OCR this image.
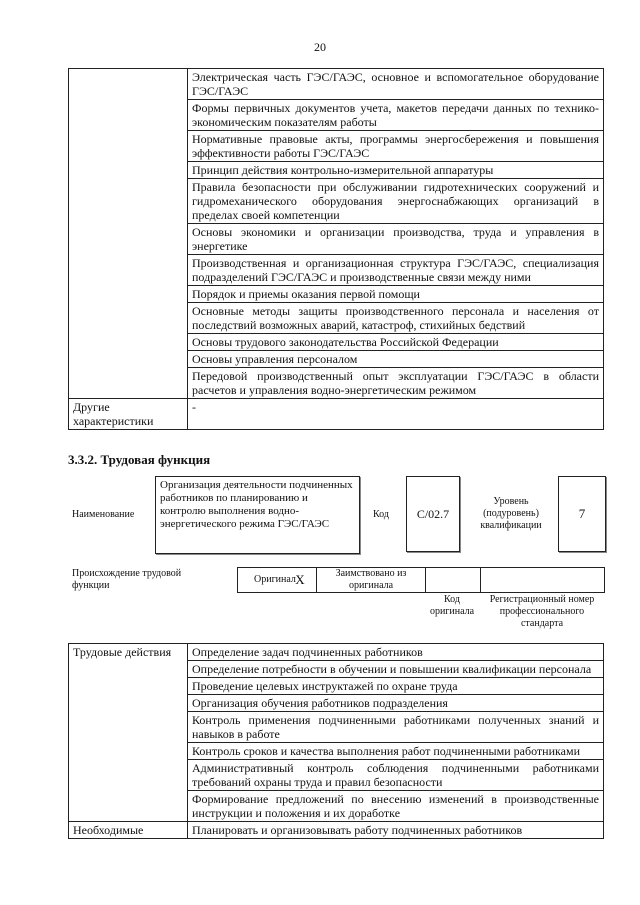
20
	Электрическая часть ГЭС/ГАЭС, основное и вспомогательное оборудование ГЭС/ГАЭС
	Формы первичных документов учета, макетов передачи данных по технико-экономическим показателям работы
	Нормативные правовые акты, программы энергосбережения и повышения эффективности работы ГЭС/ГАЭС
	Принцип действия контрольно-измерительной аппаратуры
	Правила безопасности при обслуживании гидротехнических сооружений и гидромеханического оборудования энергоснабжающих организаций в пределах своей компетенции
	Основы экономики и организации производства, труда и управления в энергетике
	Производственная и организационная структура ГЭС/ГАЭС, специализация подразделений ГЭС/ГАЭС и производственные связи между ними
	Порядок и приемы оказания первой помощи
	Основные методы защиты производственного персонала и населения от последствий возможных аварий, катастроф, стихийных бедствий
	Основы трудового законодательства Российской Федерации
	Основы управления персоналом
	Передовой производственный опыт эксплуатации ГЭС/ГАЭС в области расчетов и управления водно-энергетическим режимом
Другие характеристики	-
3.3.2. Трудовая функция
Наименование
Организация деятельности подчиненных работников по планированию и контролю выполнения водно-энергетического режима ГЭС/ГАЭС
Код	C/02.7
Уровень (подуровень) квалификации
7
Происхождение трудовой функции
Оригинал X	Заимствовано из оригинала
Код оригинала
Регистрационный номер профессионального стандарта
Трудовые действия	Определение задач подчиненных работников
	Определение потребности в обучении и повышении квалификации персонала
	Проведение целевых инструктажей по охране труда
	Организация обучения работников подразделения
	Контроль применения подчиненными работниками полученных знаний и навыков в работе
	Контроль сроков и качества выполнения работ подчиненными работниками
	Административный контроль соблюдения подчиненными работниками требований охраны труда и правил безопасности
	Формирование предложений по внесению изменений в производственные инструкции и положения и их доработке
Необходимые	Планировать и организовывать работу подчиненных работников
